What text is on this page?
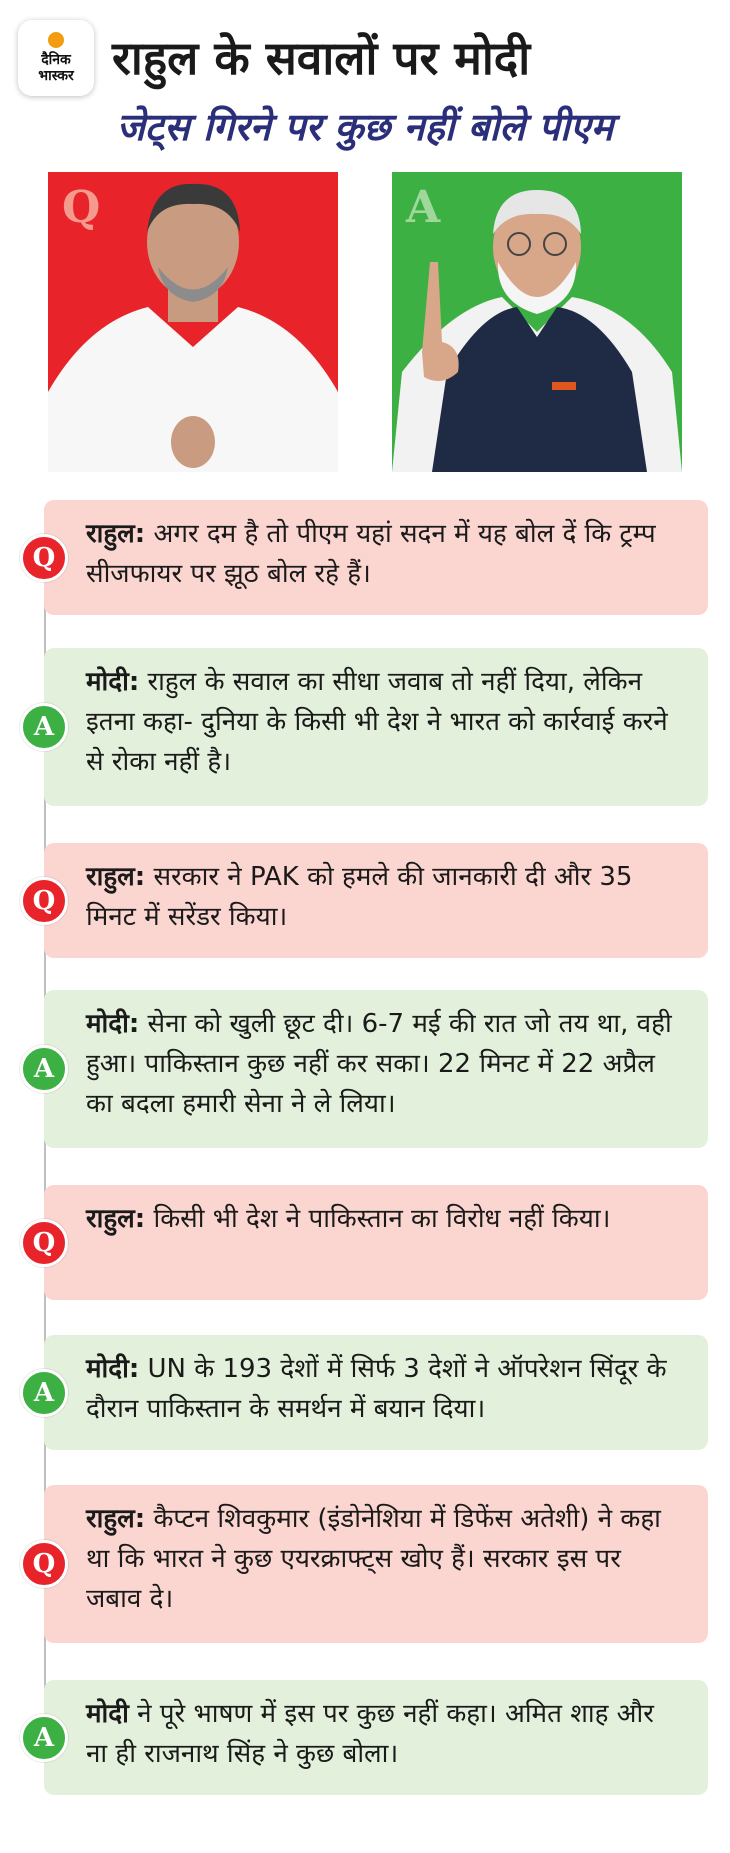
दैनिक
भास्कर राहुल के सवालों पर मोदी
जेट्स गिरने पर कुछ नहीं बोले पीएम
Q	A
राहुल: अगर दम है तो पीएम यहां सदन में यह बोल दें कि ट्रम्प सीजफायर पर झूठ बोल रहे हैं।
Q
मोदी: राहुल के सवाल का सीधा जवाब तो नहीं दिया, लेकिन इतना कहा- दुनिया के किसी भी देश ने भारत को कार्रवाई करने से रोका नहीं है।
A
राहुल: सरकार ने PAK को हमले की जानकारी दी और 35 मिनट में सरेंडर किया।
Q
मोदी: सेना को खुली छूट दी। 6-7 मई की रात जो तय था, वही हुआ। पाकिस्तान कुछ नहीं कर सका। 22 मिनट में 22 अप्रैल का बदला हमारी सेना ने ले लिया।
A
राहुल: किसी भी देश ने पाकिस्तान का विरोध नहीं किया।
Q
मोदी: UN के 193 देशों में सिर्फ 3 देशों ने ऑपरेशन सिंदूर के दौरान पाकिस्तान के समर्थन में बयान दिया।
A
राहुल: कैप्टन शिवकुमार (इंडोनेशिया में डिफेंस अतेशी) ने कहा था कि भारत ने कुछ एयरक्राफ्ट्स खोए हैं। सरकार इस पर जबाव दे।
Q
मोदी ने पूरे भाषण में इस पर कुछ नहीं कहा। अमित शाह और ना ही राजनाथ सिंह ने कुछ बोला।
A
